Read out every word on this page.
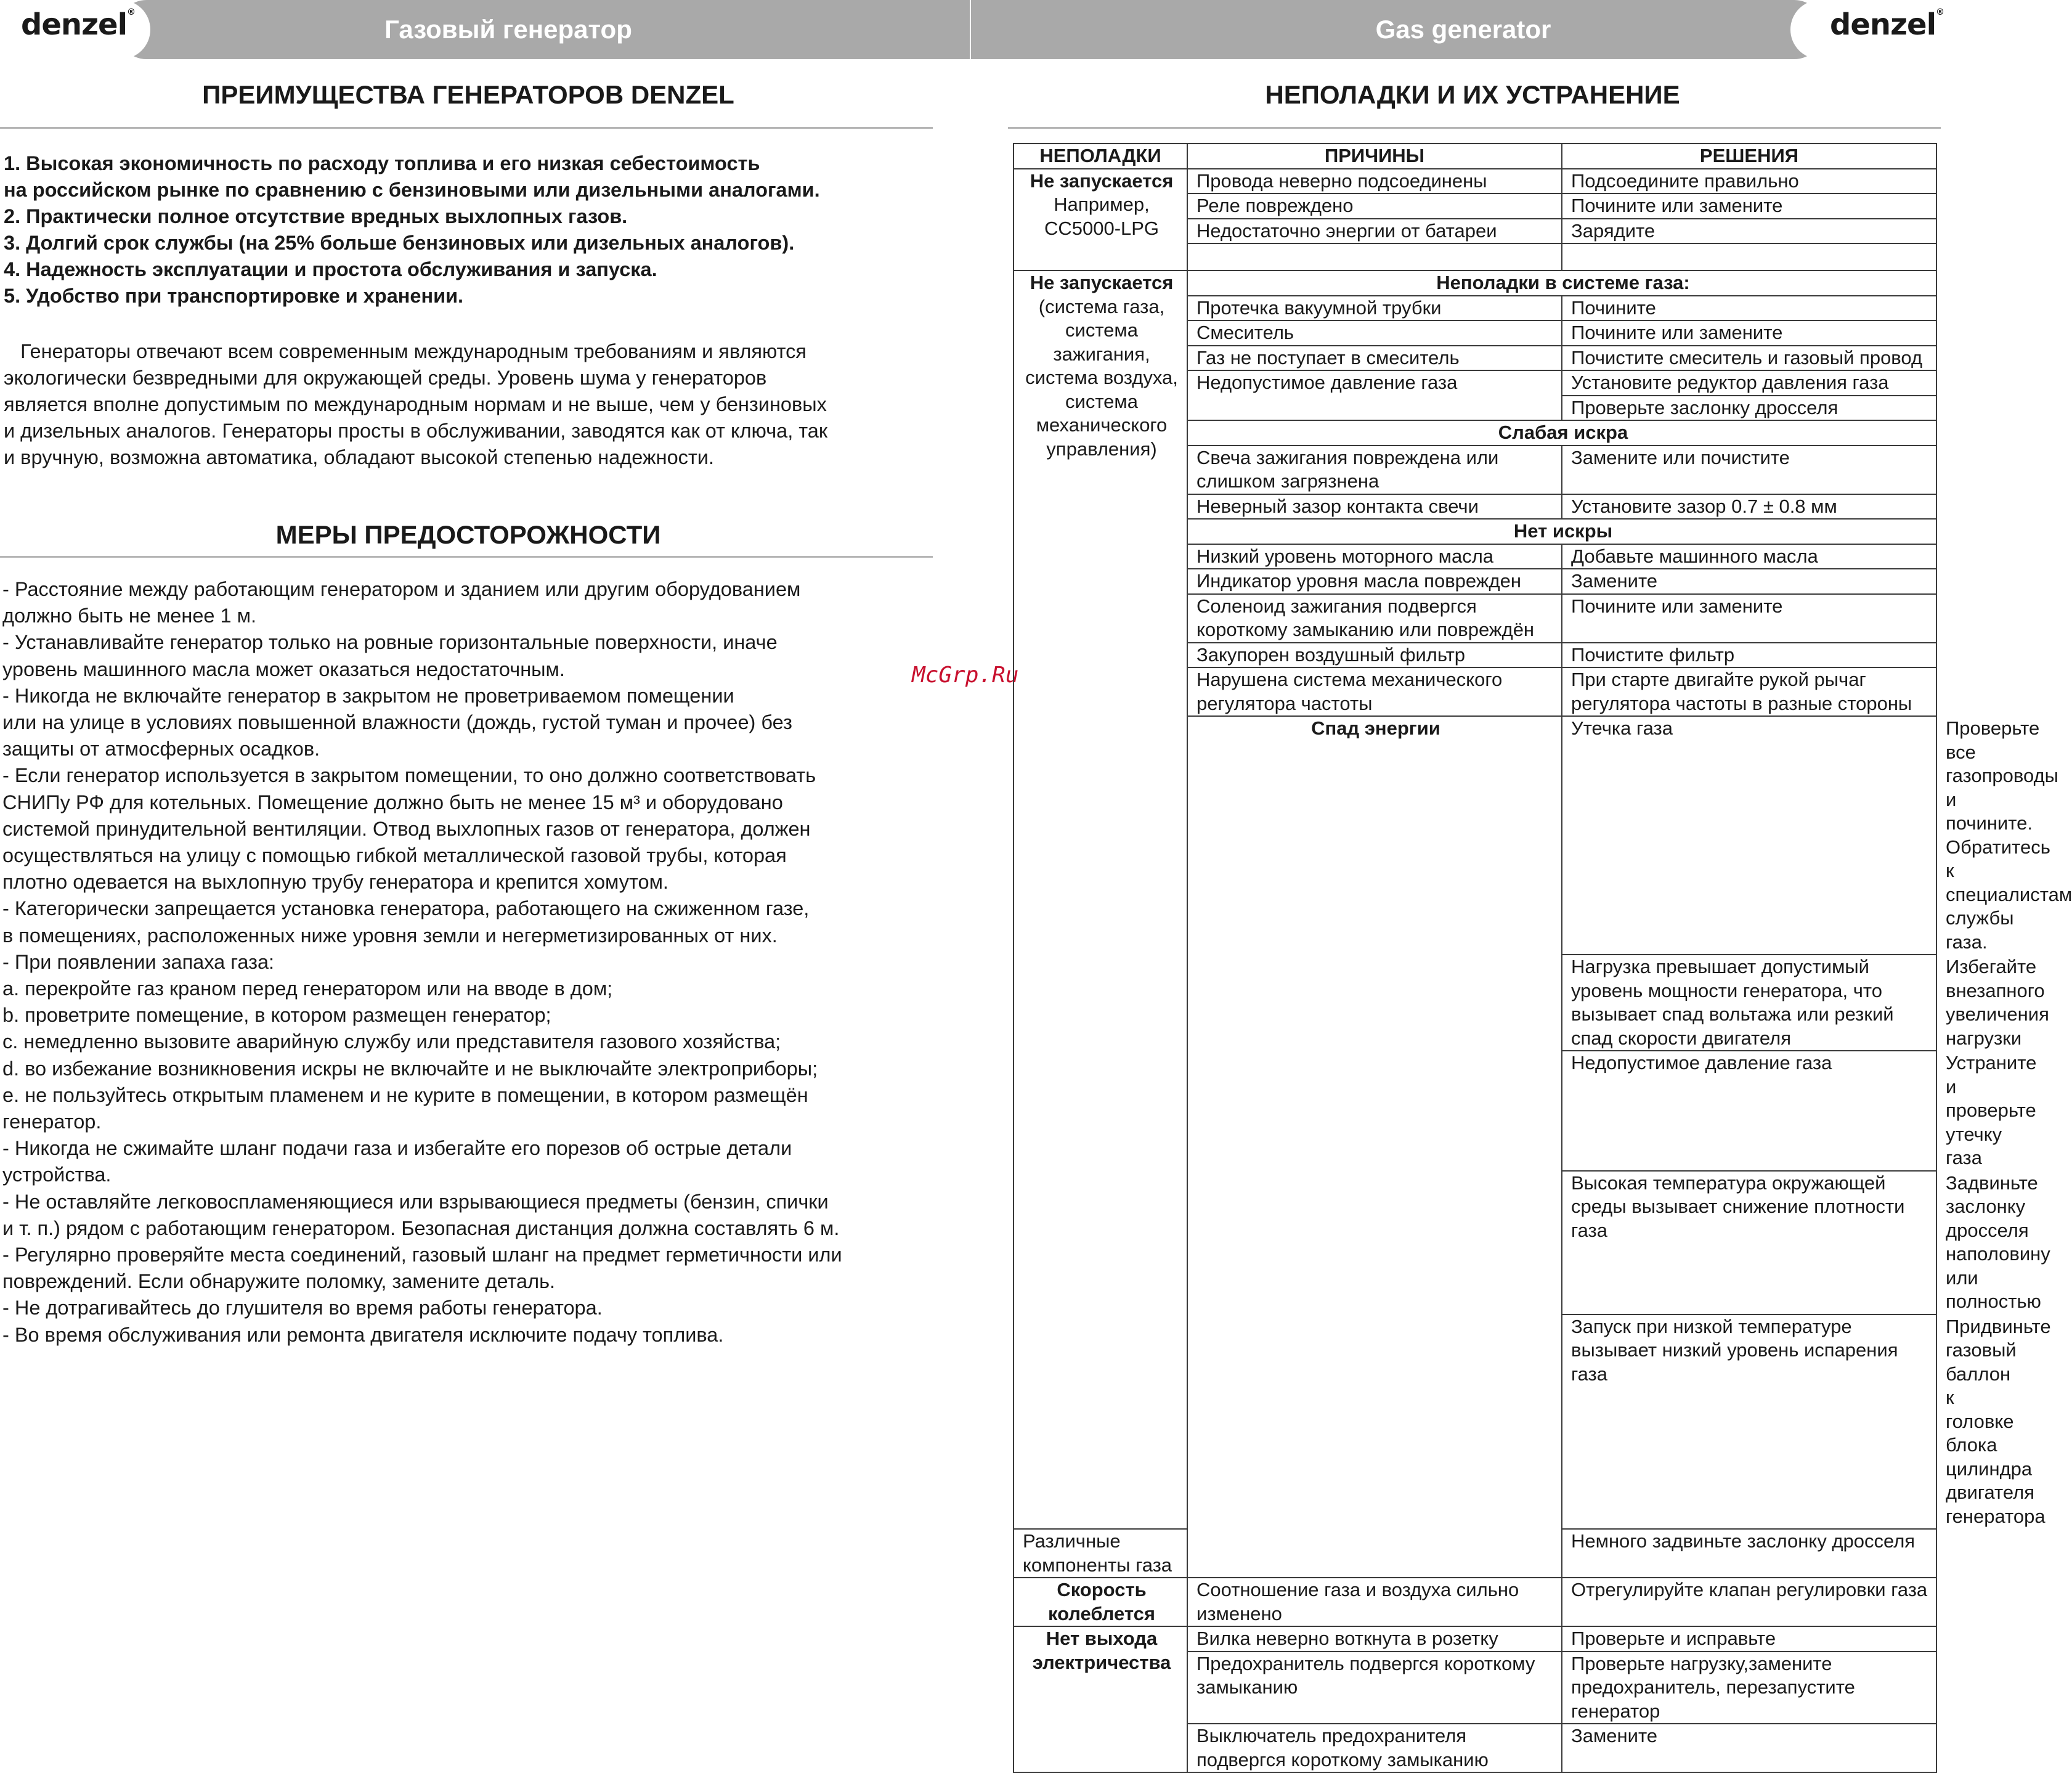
denzel®	denzel®
Газовый генератор	Gas generator
ПРЕИМУЩЕСТВА ГЕНЕРАТОРОВ DENZEL
1. Высокая экономичность по расходу топлива и его низкая себестоимость
на российском рынке по сравнению с бензиновыми или дизельными аналогами.
2. Практически полное отсутствие вредных выхлопных газов.
3. Долгий срок службы (на 25% больше бензиновых или дизельных аналогов).
4. Надежность эксплуатации и простота обслуживания и запуска.
5. Удобство при транспортировке и хранении.
Генераторы отвечают всем современным международным требованиям и являются
экологически безвредными для окружающей среды. Уровень шума у генераторов
является вполне допустимым по международным нормам и не выше, чем у бензиновых
и дизельных аналогов. Генераторы просты в обслуживании, заводятся как от ключа, так
и вручную, возможна автоматика, обладают высокой степенью надежности.
МЕРЫ ПРЕДОСТОРОЖНОСТИ
- Расстояние между работающим генератором и зданием или другим оборудованием
должно быть не менее 1 м.
- Устанавливайте генератор только на ровные горизонтальные поверхности, иначе
уровень машинного масла может оказаться недостаточным.
- Никогда не включайте генератор в закрытом не проветриваемом помещении
или на улице в условиях повышенной влажности (дождь, густой туман и прочее) без
защиты от атмосферных осадков.
- Если генератор используется в закрытом помещении, то оно должно соответствовать
СНИПу РФ для котельных. Помещение должно быть не менее 15 м³ и оборудовано
системой принудительной вентиляции. Отвод выхлопных газов от генератора, должен
осуществляться на улицу с помощью гибкой металлической газовой трубы, которая
плотно одевается на выхлопную трубу генератора и крепится хомутом.
- Категорически запрещается установка генератора, работающего на сжиженном газе,
в помещениях, расположенных ниже уровня земли и негерметизированных от них.
- При появлении запаха газа:
a. перекройте газ краном перед генератором или на вводе в дом;
b. проветрите помещение, в котором размещен генератор;
c. немедленно вызовите аварийную службу или представителя газового хозяйства;
d. во избежание возникновения искры не включайте и не выключайте электроприборы;
e. не пользуйтесь открытым пламенем и не курите в помещении, в котором размещён
генератор.
- Никогда не сжимайте шланг подачи газа и избегайте его порезов об острые детали
устройства.
- Не оставляйте легковоспламеняющиеся или взрывающиеся предметы (бензин, спички
и т. п.) рядом с работающим генератором. Безопасная дистанция должна составлять 6 м.
- Регулярно проверяйте места соединений, газовый шланг на предмет герметичности или
повреждений. Если обнаружите поломку, замените деталь.
- Не дотрагивайтесь до глушителя во время работы генератора.
- Во время обслуживания или ремонта двигателя исключите подачу топлива.
McGrp.Ru
НЕПОЛАДКИ И ИХ УСТРАНЕНИЕ
НЕПОЛАДКИ	ПРИЧИНЫ	РЕШЕНИЯ	

Не запускается
Например, CC5000-LPG	Провода неверно подсоединены	Подсоедините правильно	
	Реле повреждено	Почините или замените	
	Недостаточно энергии от батареи	Зарядите	

Не запускается
(система газа, система зажигания, система воздуха, система механического управления)	Неполадки в системе газа:		
	Протечка вакуумной трубки	Почините	
	Смеситель	Почините или замените	
	Газ не поступает в смеситель	Почистите смеситель и газовый провод	
	Недопустимое давление газа	Установите редуктор давления газа	
		Проверьте заслонку дросселя	
	Слабая искра		
	Свеча зажигания повреждена или слишком загрязнена	Замените или почистите	
	Неверный зазор контакта свечи	Установите зазор 0.7 ± 0.8 мм	
	Нет искры		
	Низкий уровень моторного масла	Добавьте машинного масла	
	Индикатор уровня масла поврежден	Замените	
	Соленоид зажигания подвергся короткому замыканию или повреждён	Почините или замените	
	Закупорен воздушный фильтр	Почистите фильтр	
	Нарушена система механического регулятора частоты	При старте двигайте рукой рычаг регулятора частоты в разные стороны	
	Спад энергии	Утечка газа	Проверьте все газопроводы и почините. Обратитесь к специалистам службы газа.
		Нагрузка превышает допустимый уровень мощности генератора, что вызывает спад вольтажа или резкий спад скорости двигателя	Избегайте внезапного увеличения нагрузки
		Недопустимое давление газа	Устраните и проверьте утечку газа
		Высокая температура окружающей среды вызывает снижение плотности газа	Задвиньте заслонку дросселя наполовину или полностью
		Запуск при низкой температуре вызывает низкий уровень испарения газа	Придвиньте газовый баллон к головке блока цилиндра двигателя генератора
Различные компоненты газа		Немного задвиньте заслонку дросселя	
Скорость колеблется	Соотношение газа и воздуха сильно изменено	Отрегулируйте клапан регулировки газа	
Нет выхода электричества	Вилка неверно воткнута в розетку	Проверьте и исправьте	
	Предохранитель подвергся короткому замыканию	Проверьте нагрузку,замените предохранитель, перезапустите генератор	
	Выключатель предохранителя подвергся короткому замыканию	Замените	
